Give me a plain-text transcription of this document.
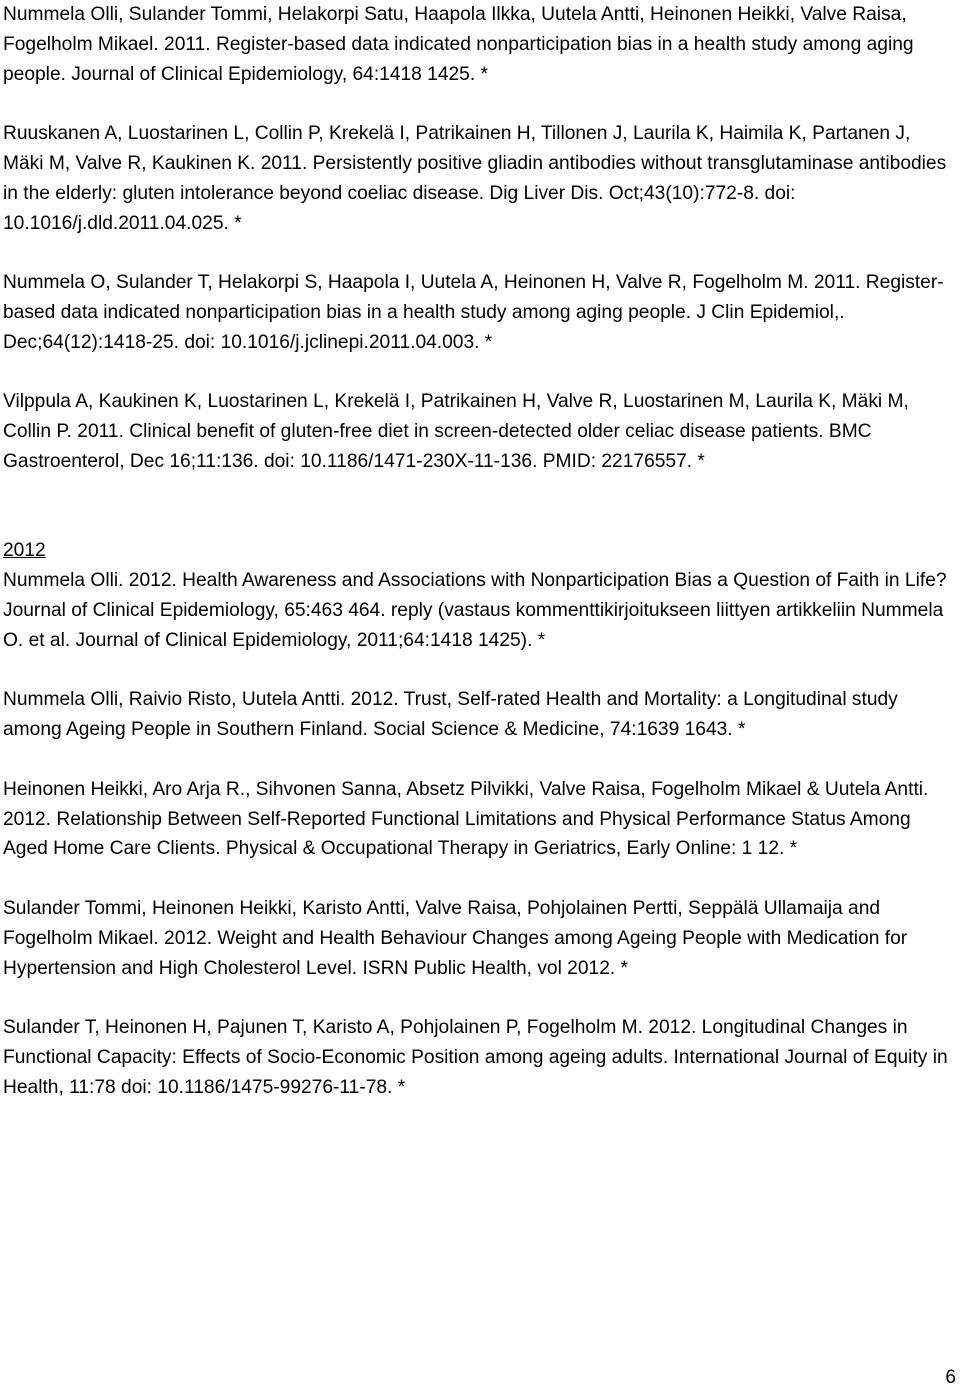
Nummela Olli, Sulander Tommi, Helakorpi Satu, Haapola Ilkka, Uutela Antti, Heinonen Heikki, Valve Raisa, Fogelholm Mikael. 2011. Register-based data indicated nonparticipation bias in a health study among aging people. Journal of Clinical Epidemiology, 64:1418 1425. *

Ruuskanen A, Luostarinen L, Collin P, Krekelä I, Patrikainen H, Tillonen J, Laurila K, Haimila K, Partanen J, Mäki M, Valve R, Kaukinen K. 2011. Persistently positive gliadin antibodies without transglutaminase antibodies in the elderly: gluten intolerance beyond coeliac disease. Dig Liver Dis. Oct;43(10):772-8. doi: 10.1016/j.dld.2011.04.025. *

Nummela O, Sulander T, Helakorpi S, Haapola I, Uutela A, Heinonen H, Valve R, Fogelholm M. 2011. Register-based data indicated nonparticipation bias in a health study among aging people. J Clin Epidemiol,. Dec;64(12):1418-25. doi: 10.1016/j.jclinepi.2011.04.003. *

Vilppula A, Kaukinen K, Luostarinen L, Krekelä I, Patrikainen H, Valve R, Luostarinen M, Laurila K, Mäki M, Collin P. 2011. Clinical benefit of gluten-free diet in screen-detected older celiac disease patients. BMC Gastroenterol, Dec 16;11:136. doi: 10.1186/1471-230X-11-136. PMID: 22176557. *

2012

Nummela Olli. 2012. Health Awareness and Associations with Nonparticipation Bias a Question of Faith in Life? Journal of Clinical Epidemiology, 65:463 464. reply (vastaus kommenttikirjoitukseen liittyen artikkeliin Nummela O. et al. Journal of Clinical Epidemiology, 2011;64:1418 1425). *

Nummela Olli, Raivio Risto, Uutela Antti. 2012. Trust, Self-rated Health and Mortality: a Longitudinal study among Ageing People in Southern Finland. Social Science & Medicine, 74:1639 1643. *

Heinonen Heikki, Aro Arja R., Sihvonen Sanna, Absetz Pilvikki, Valve Raisa, Fogelholm Mikael & Uutela Antti. 2012. Relationship Between Self-Reported Functional Limitations and Physical Performance Status Among Aged Home Care Clients. Physical & Occupational Therapy in Geriatrics, Early Online: 1 12. *

Sulander Tommi, Heinonen Heikki, Karisto Antti, Valve Raisa, Pohjolainen Pertti, Seppälä Ullamaija and Fogelholm Mikael. 2012. Weight and Health Behaviour Changes among Ageing People with Medication for Hypertension and High Cholesterol Level. ISRN Public Health, vol 2012. *

Sulander T, Heinonen H, Pajunen T, Karisto A, Pohjolainen P, Fogelholm M. 2012. Longitudinal Changes in Functional Capacity: Effects of Socio-Economic Position among ageing adults. International Journal of Equity in Health, 11:78 doi: 10.1186/1475-99276-11-78. *

6
